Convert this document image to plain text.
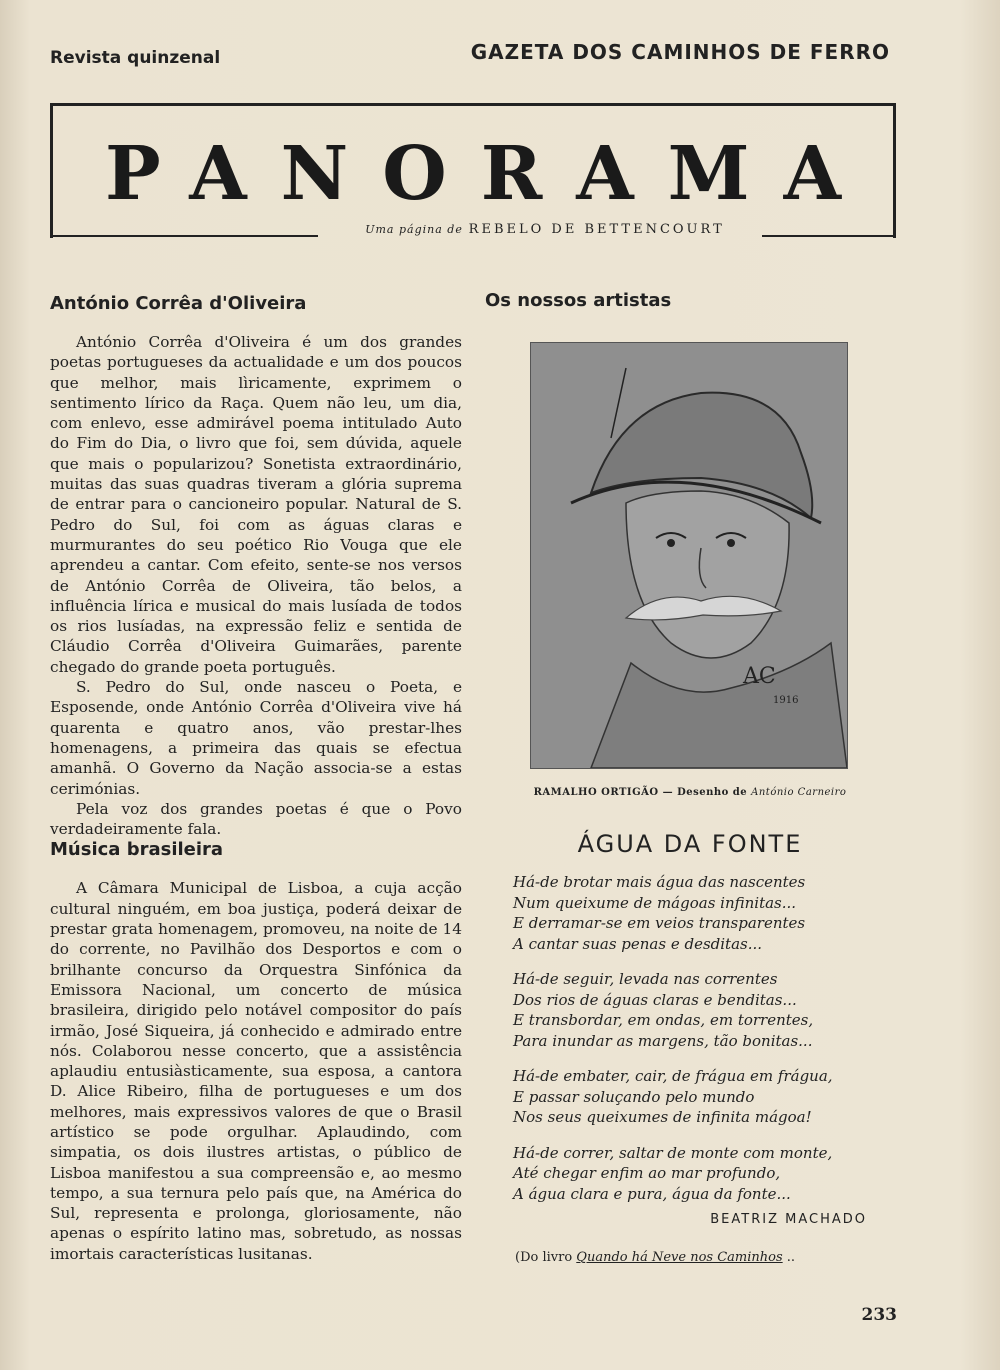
Revista quinzenal	GAZETA DOS CAMINHOS DE FERRO
PANORAMA
Uma página de REBELO DE BETTENCOURT
António Corrêa d'Oliveira

António Corrêa d'Oliveira é um dos grandes poetas portugueses da actualidade e um dos poucos que melhor, mais lìricamente, exprimem o sentimento lírico da Raça. Quem não leu, um dia, com enlevo, esse admirável poema intitulado Auto do Fim do Dia, o livro que foi, sem dúvida, aquele que mais o popularizou? Sonetista extraordinário, muitas das suas quadras tiveram a glória suprema de entrar para o cancioneiro popular. Natural de S. Pedro do Sul, foi com as águas claras e murmurantes do seu poético Rio Vouga que ele aprendeu a cantar. Com efeito, sente-se nos versos de António Corrêa de Oliveira, tão belos, a influência lírica e musical do mais lusíada de todos os rios lusíadas, na expressão feliz e sentida de Cláudio Corrêa d'Oliveira Guimarães, parente chegado do grande poeta português.

S. Pedro do Sul, onde nasceu o Poeta, e Esposende, onde António Corrêa d'Oliveira vive há quarenta e quatro anos, vão prestar-lhes homenagens, a primeira das quais se efectua amanhã. O Governo da Nação associa-se a estas cerimónias.

Pela voz dos grandes poetas é que o Povo verdadeiramente fala.

Música brasileira

A Câmara Municipal de Lisboa, a cuja acção cultural ninguém, em boa justiça, poderá deixar de prestar grata homenagem, promoveu, na noite de 14 do corrente, no Pavilhão dos Desportos e com o brilhante concurso da Orquestra Sinfónica da Emissora Nacional, um concerto de música brasileira, dirigido pelo notável compositor do país irmão, José Siqueira, já conhecido e admirado entre nós. Colaborou nesse concerto, que a assistência aplaudiu entusiàsticamente, sua esposa, a cantora D. Alice Ribeiro, filha de portugueses e um dos melhores, mais expressivos valores de que o Brasil artístico se pode orgulhar. Aplaudindo, com simpatia, os dois ilustres artistas, o público de Lisboa manifestou a sua compreensão e, ao mesmo tempo, a sua ternura pelo país que, na América do Sul, representa e prolonga, gloriosamente, não apenas o espírito latino mas, sobretudo, as nossas imortais características lusitanas.

Os nossos artistas
AC
1916
RAMALHO ORTIGÃO — Desenho de António Carneiro
ÁGUA DA FONTE
Há-de brotar mais água das nascentes
Num queixume de mágoas infinitas...
E derramar-se em veios transparentes
A cantar suas penas e desditas...
Há-de seguir, levada nas correntes
Dos rios de águas claras e benditas...
E transbordar, em ondas, em torrentes,
Para inundar as margens, tão bonitas...
Há-de embater, cair, de frágua em frágua,
E passar soluçando pelo mundo
Nos seus queixumes de infinita mágoa!
Há-de correr, saltar de monte com monte,
Até chegar enfim ao mar profundo,
A água clara e pura, água da fonte...
BEATRIZ MACHADO
(Do livro Quando há Neve nos Caminhos ..
233
